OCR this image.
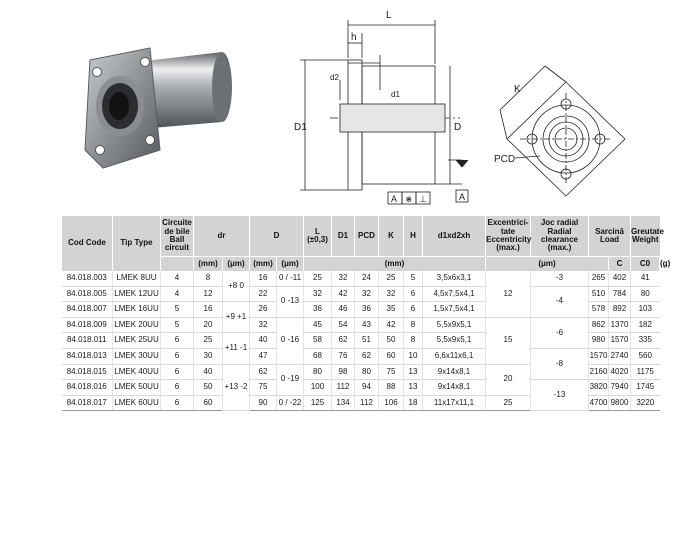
L
h
d2
d1
D1	D
A ⋇ ⊥	A
K
PCD
Cod Code	Tip Type	Circuite de bile Ball circuit	dr		D		L (±0,3)	D1	PCD	K	H	d1xd2xh	Excentrici- tate Eccentricity (max.)	Joc radial Radial clearance (max.)	Sarcină Load		Greutate Weight	
			(mm)	(μm)	(mm)	(μm)	(mm)						(μm)			C	C0	(g)
84.018.003	LMEK 8UU	4	8	+8 0	16	0 / -11	25	32	24	25	5	3,5x6x3,1	12	-3	265	402	41	
84.018.005	LMEK 12UU	4	12		22	0 -13	32	42	32	32	6	4,5x7,5x4,1		-4	510	784	80	
84.018.007	LMEK 16UU	5	16	+9 +1	26		36	46	36	35	6	1,5x7,5x4,1			578	892	103	
84.018.009	LMEK 20UU	5	20		32	0 -16	45	54	43	42	8	5,5x9x5,1	15	-6	862	1370	182	
84.018.011	LMEK 25UU	6	25	+11 -1	40		58	62	51	50	8	5,5x9x5,1			980	1570	335	
84.018.013	LMEK 30UU	6	30		47		68	76	62	60	10	6,6x11x6,1		-8	1570	2740	560	
84.018.015	LMEK 40UU	6	40	+13 -2	62	0 -19	80	98	80	75	13	9x14x8,1	20		2160	4020	1175	
84.018.016	LMEK 50UU	6	50		75		100	112	94	88	13	9x14x8,1		-13	3820	7940	1745	
84.018.017	LMEK 60UU	6	60		90	0 / -22	125	134	112	106	18	11x17x11,1	25		4700	9800	3220	
